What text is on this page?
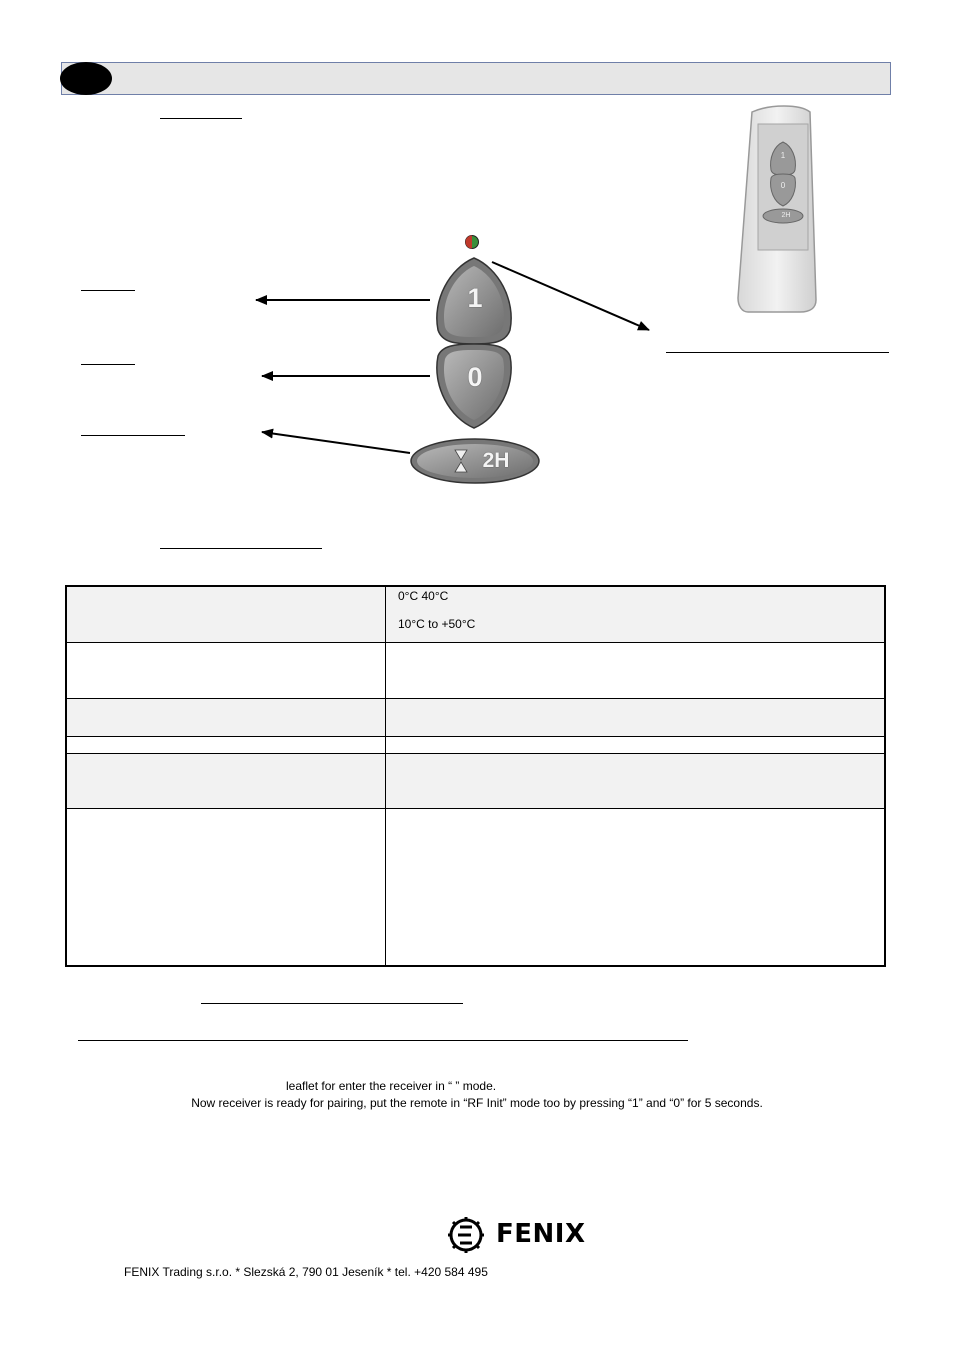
1
0
2H
1
0
2H

	0°C 40°C
10°C to +50°C

leaflet for enter the receiver in “ ” mode.
Now receiver is ready for pairing, put the remote in “RF Init” mode too by pressing “1” and “0” for 5 seconds.
FENIX
FENIX Trading s.r.o. * Slezská 2, 790 01 Jeseník * tel. +420 584 495
